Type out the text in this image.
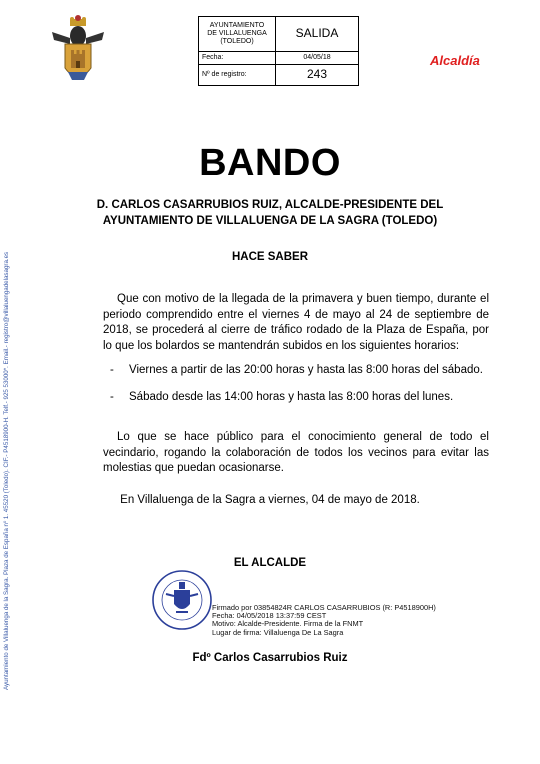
Ayuntamiento de Villaluenga de la Sagra. Plaza de España nº 1. 45520 (Toledo). CIF.- P4518900-H. Telf.- 925 53000*. Email.- registro@villaluengadelasagra.es
AYUNTAMIENTO
DE VILLALUENGA
(TOLEDO)	SALIDA
Fecha:	04/05/18
Nº de registro:	243
Alcaldía
BANDO
D. CARLOS CASARRUBIOS RUIZ, ALCALDE-PRESIDENTE DEL
AYUNTAMIENTO DE VILLALUENGA DE LA SAGRA (TOLEDO)
HACE SABER
Que con motivo de la llegada de la primavera y buen tiempo, durante el periodo comprendido entre el viernes 4 de mayo al 24 de septiembre de 2018, se procederá al cierre de tráfico rodado de la Plaza de España, por lo que los bolardos se mantendrán subidos en los siguientes horarios:
- Viernes a partir de las 20:00 horas y hasta las 8:00 horas del sábado.
- Sábado desde las 14:00 horas y hasta las 8:00 horas del lunes.
Lo que se hace público para el conocimiento general de todo el vecindario, rogando la colaboración de todos los vecinos para evitar las molestias que puedan ocasionarse.
En Villaluenga de la Sagra a viernes, 04 de mayo de 2018.
EL ALCALDE
Firmado por 03854824R CARLOS CASARRUBIOS (R: P4518900H)
Fecha: 04/05/2018 13:37:59 CEST
Motivo: Alcalde-Presidente. Firma de la FNMT
Lugar de firma: Villaluenga De La Sagra
Fdº Carlos Casarrubios Ruiz
